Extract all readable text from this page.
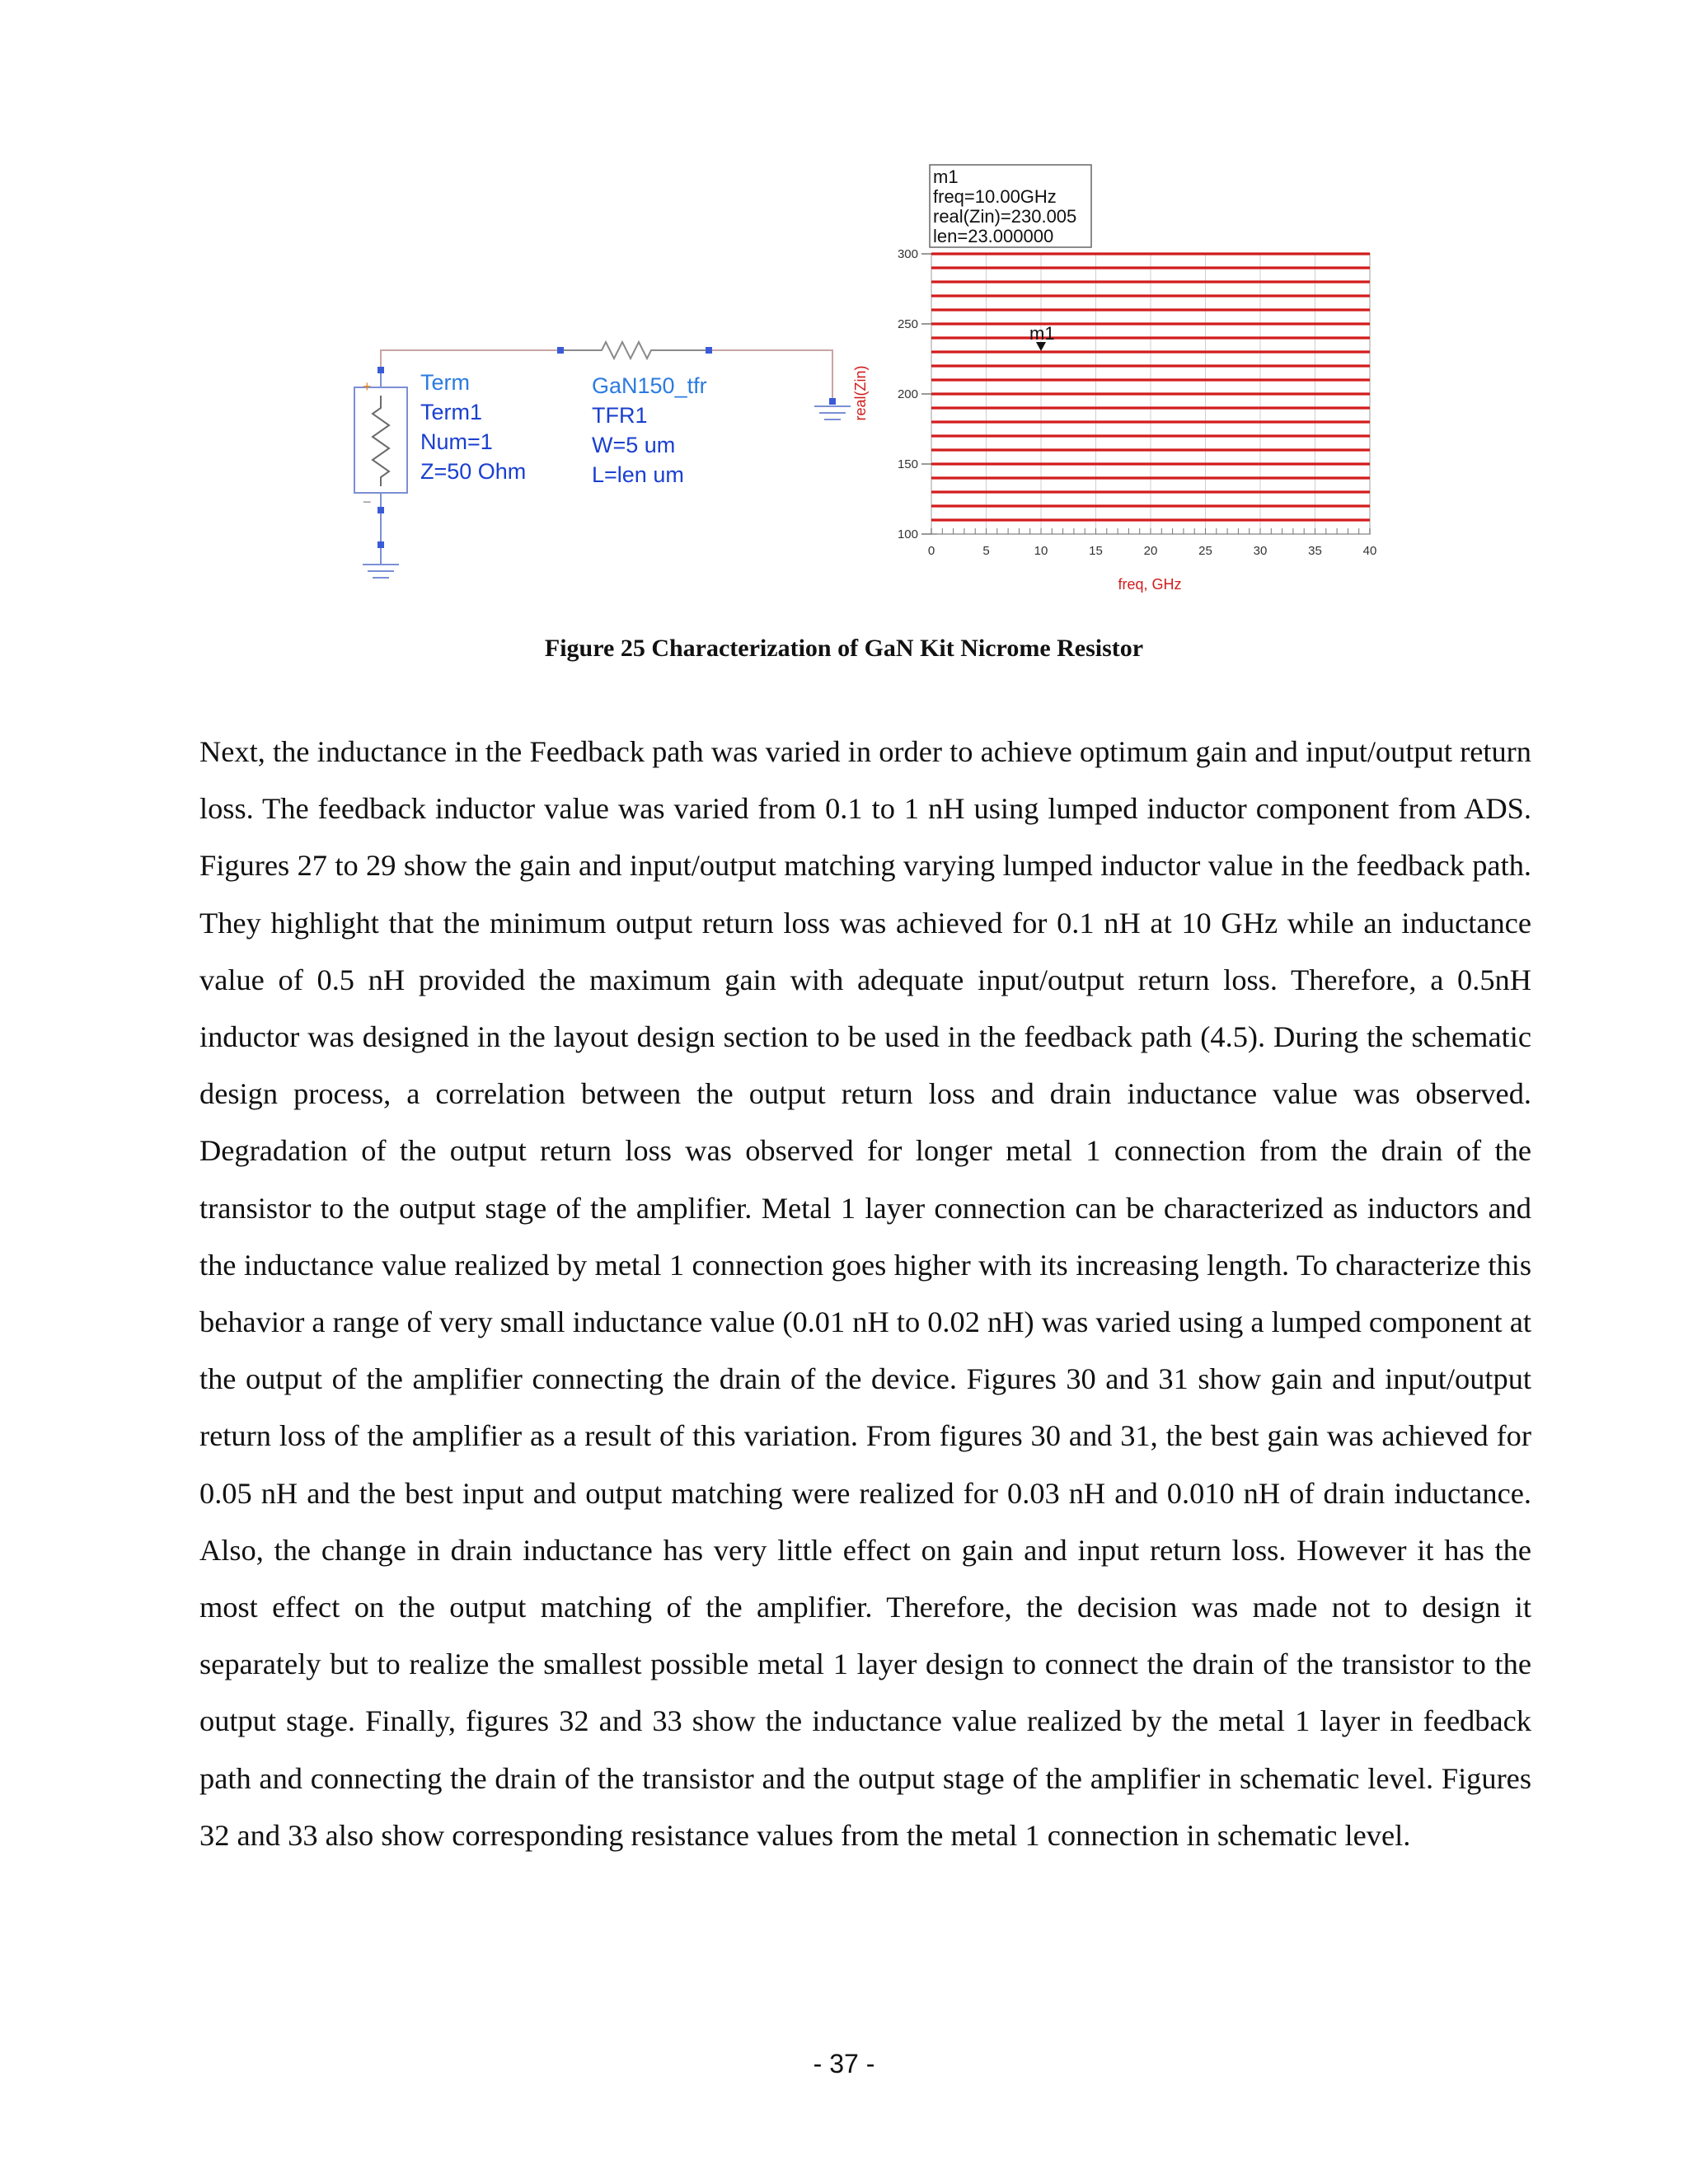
+
−
Term
Term1
Num=1
Z=50 Ohm
GaN150_tfr
TFR1
W=5 um
L=len um
0	5	10	15	20	25	30	35	40
100
150
200
250
300
m1
m1
freq=10.00GHz
real(Zin)=230.005
len=23.000000
real(Zin)
freq, GHz
Figure 25 Characterization of GaN Kit Nicrome Resistor

Next, the inductance in the Feedback path was varied in order to achieve optimum gain and input/output return loss. The feedback inductor value was varied from 0.1 to 1 nH using lumped inductor component from ADS. Figures 27 to 29 show the gain and input/output matching varying lumped inductor value in the feedback path. They highlight that the minimum output return loss was achieved for 0.1 nH at 10 GHz while an inductance value of 0.5 nH provided the maximum gain with adequate input/output return loss. Therefore, a 0.5nH inductor was designed in the layout design section to be used in the feedback path (4.5). During the schematic design process, a correlation between the output return loss and drain inductance value was observed. Degradation of the output return loss was observed for longer metal 1 connection from the drain of the transistor to the output stage of the amplifier. Metal 1 layer connection can be characterized as inductors and the inductance value realized by metal 1 connection goes higher with its increasing length. To characterize this behavior a range of very small inductance value (0.01 nH to 0.02 nH) was varied using a lumped component at the output of the amplifier connecting the drain of the device. Figures 30 and 31 show gain and input/output return loss of the amplifier as a result of this variation. From figures 30 and 31, the best gain was achieved for 0.05 nH and the best input and output matching were realized for 0.03 nH and 0.010 nH of drain inductance. Also, the change in drain inductance has very little effect on gain and input return loss. However it has the most effect on the output matching of the amplifier. Therefore, the decision was made not to design it separately but to realize the smallest possible metal 1 layer design to connect the drain of the transistor to the output stage. Finally, figures 32 and 33 show the inductance value realized by the metal 1 layer in feedback path and connecting the drain of the transistor and the output stage of the amplifier in schematic level. Figures 32 and 33 also show corresponding resistance values from the metal 1 connection in schematic level.

- 37 -
